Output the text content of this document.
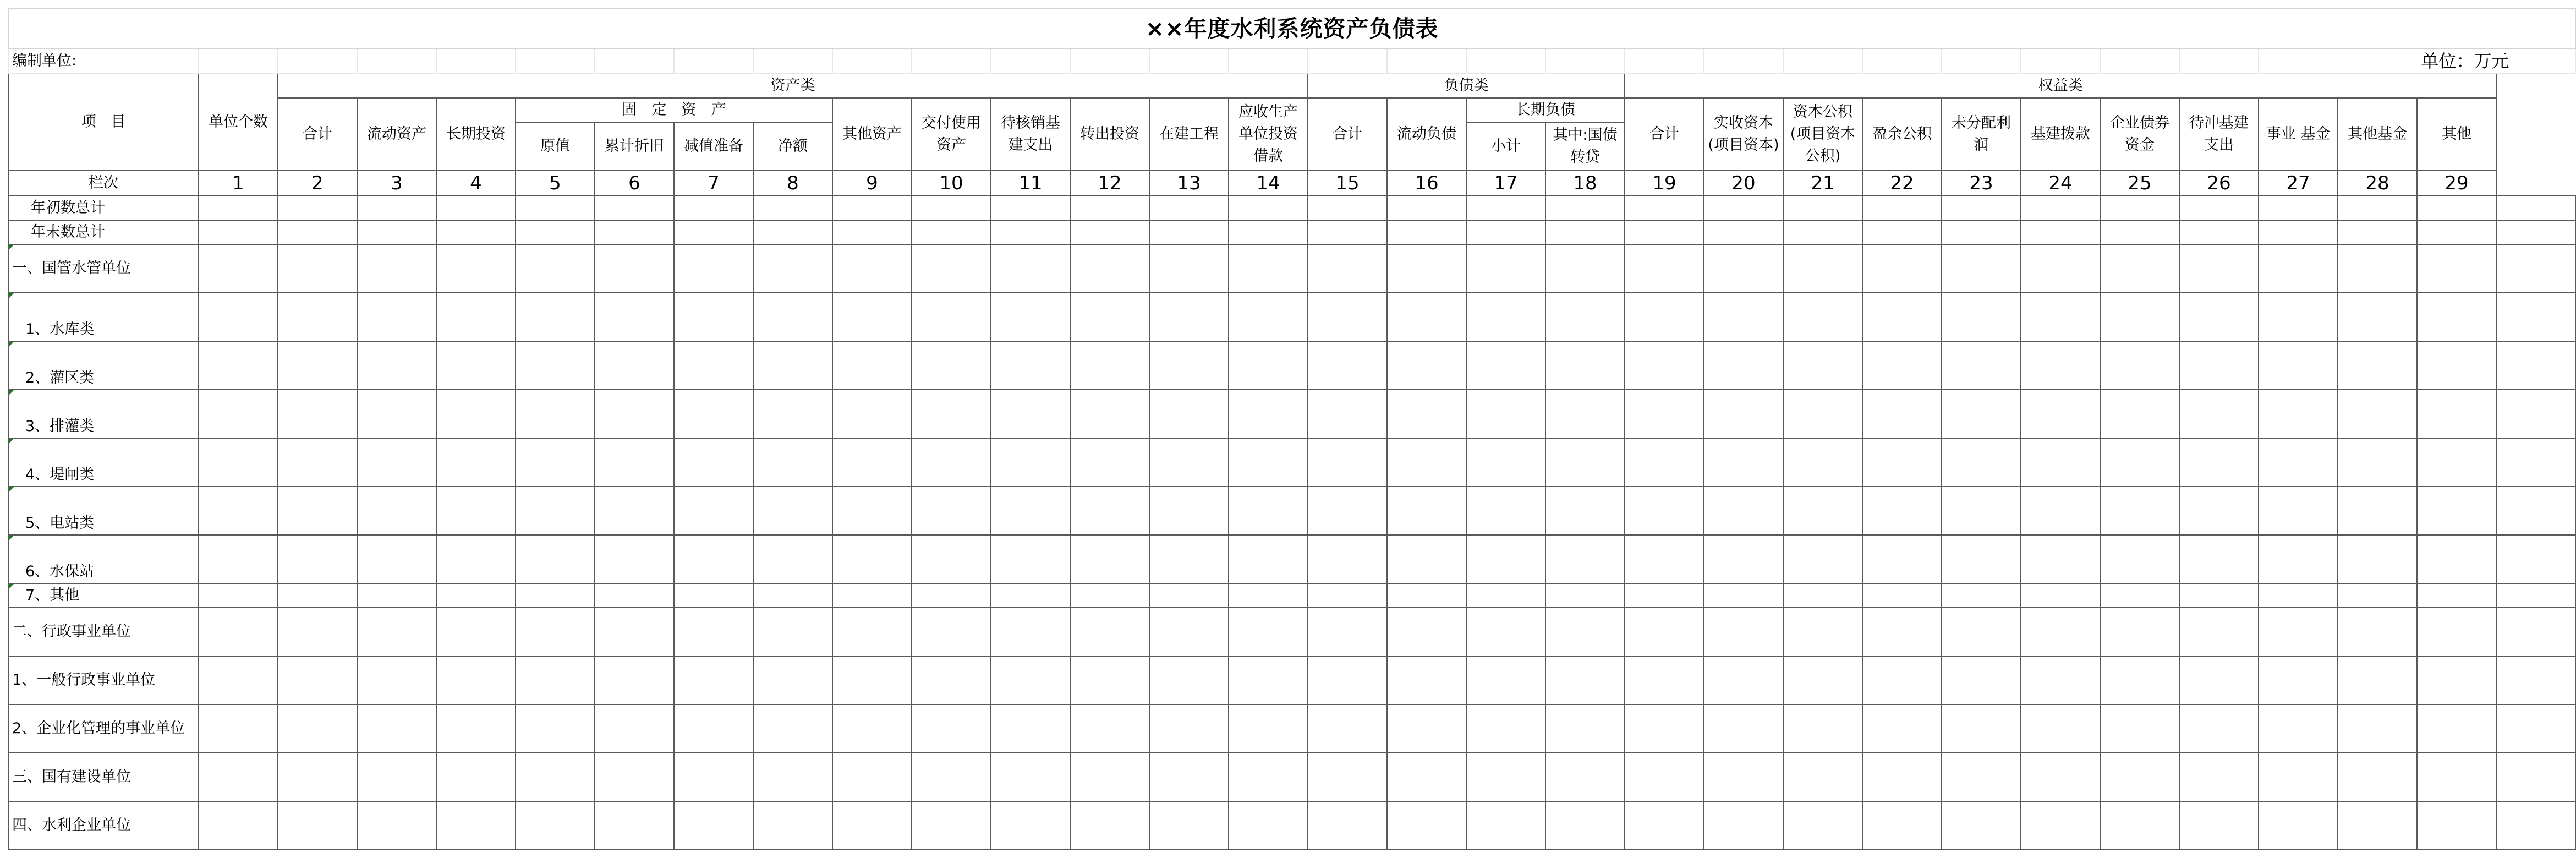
××年度水利系统资产负债表																														
编制单位:																											单位：万元			
项　目	单位个数	资产类													负债类				权益类											
		合计	流动资产	长期投资	固　定　资　产				其他资产	交付使用资产	待核销基建支出	转出投资	在建工程	应收生产单位投资借款	合计	流动负债	长期负债		合计	实收资本(项目资本)	资本公积(项目资本公积)	盈余公积	未分配利润	基建拨款	企业债券资金	待冲基建支出	事业 基金	其他基金	其他	
					原值	累计折旧	减值准备	净额									小计	其中:国债转贷												
栏次	1	2	3	4	5	6	7	8	9	10	11	12	13	14	15	16	17	18	19	20	21	22	23	24	25	26	27	28	29	
年初数总计																														
年末数总计																														
一、国管水管单位																														
1、水库类																														
2、灌区类																														
3、排灌类																														
4、堤闸类																														
5、电站类																														
6、水保站																														
7、其他																														
二、行政事业单位																														
1、一般行政事业单位																														
2、企业化管理的事业单位																														
三、国有建设单位																														
四、水利企业单位																														
